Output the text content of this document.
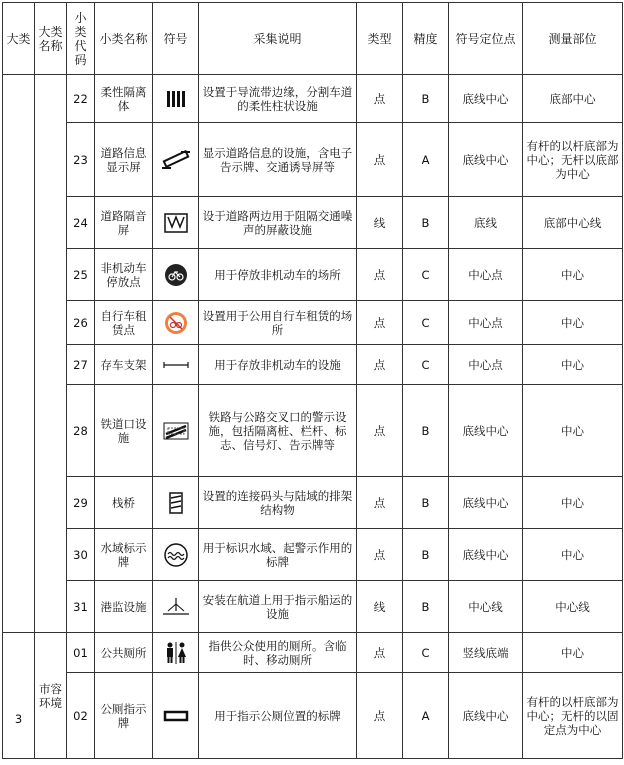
大类	大类名称	小类代码	小类名称	符号	采集说明	类型	精度	符号定位点	测量部位
		22	柔性隔离体		设置于导流带边缘，分割车道的柔性柱状设施	点	B	底线中心	底部中心
		23	道路信息显示屏		显示道路信息的设施，含电子告示牌、交通诱导屏等	点	A	底线中心	有杆的以杆底部为中心；无杆以底部为中心
		24	道路隔音屏		设于道路两边用于阻隔交通噪声的屏蔽设施	线	B	底线	底部中心线
		25	非机动车停放点		用于停放非机动车的场所	点	C	中心点	中心
		26	自行车租赁点		设置用于公用自行车租赁的场所	点	C	中心点	中心
		27	存车支架		用于存放非机动车的设施	点	C	中心点	中心
		28	铁道口设施		铁路与公路交叉口的警示设施，包括隔离桩、栏杆、标志、信号灯、告示牌等	点	B	底线中心	中心
		29	栈桥		设置的连接码头与陆域的排架结构物	点	B	底线中心	中心
		30	水域标示牌		用于标识水域、起警示作用的标牌	点	B	底线中心	中心
		31	港监设施		安装在航道上用于指示船运的设施	线	B	中心线	中心线
3	市容环境	01	公共厕所		指供公众使用的厕所。含临时、移动厕所	点	C	竖线底端	中心
		02	公厕指示牌		用于指示公厕位置的标牌	点	A	底线中心	有杆的以杆底部为中心；无杆的以固定点为中心
